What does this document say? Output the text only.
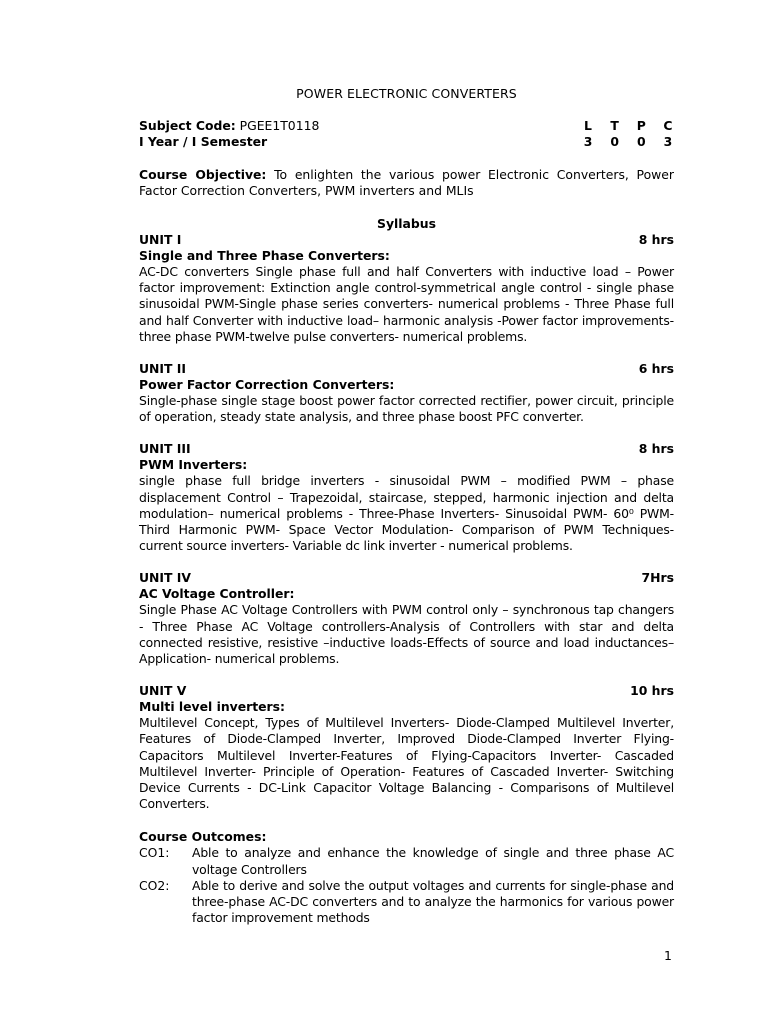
POWER ELECTRONIC CONVERTERS
Subject Code: PGEE1T0118	L T P C
I Year / I Semester	3 0 0 3
Course Objective: To enlighten the various power Electronic Converters, Power Factor Correction Converters, PWM inverters and MLIs
Syllabus
UNIT I	8 hrs
Single and Three Phase Converters:
AC-DC converters Single phase full and half Converters with inductive load – Power factor improvement: Extinction angle control-symmetrical angle control - single phase sinusoidal PWM-Single phase series converters- numerical problems - Three Phase full and half Converter with inductive load– harmonic analysis -Power factor improvements- three phase PWM-twelve pulse converters- numerical problems.
UNIT II	6 hrs
Power Factor Correction Converters:
Single-phase single stage boost power factor corrected rectifier, power circuit, principle of operation, steady state analysis, and three phase boost PFC converter.
UNIT III	8 hrs
PWM Inverters:
single phase full bridge inverters - sinusoidal PWM – modified PWM – phase displacement Control – Trapezoidal, staircase, stepped, harmonic injection and delta modulation– numerical problems - Three-Phase Inverters- Sinusoidal PWM- 60⁰ PWM- Third Harmonic PWM- Space Vector Modulation- Comparison of PWM Techniques- current source inverters- Variable dc link inverter - numerical problems.
UNIT IV	7Hrs
AC Voltage Controller:
Single Phase AC Voltage Controllers with PWM control only – synchronous tap changers - Three Phase AC Voltage controllers-Analysis of Controllers with star and delta connected resistive, resistive –inductive loads-Effects of source and load inductances–Application- numerical problems.
UNIT V	10 hrs
Multi level inverters:
Multilevel Concept, Types of Multilevel Inverters- Diode-Clamped Multilevel Inverter, Features of Diode-Clamped Inverter, Improved Diode-Clamped Inverter Flying-Capacitors Multilevel Inverter-Features of Flying-Capacitors Inverter- Cascaded Multilevel Inverter- Principle of Operation- Features of Cascaded Inverter- Switching Device Currents - DC-Link Capacitor Voltage Balancing - Comparisons of Multilevel Converters.
Course Outcomes:
CO1:	Able to analyze and enhance the knowledge of single and three phase AC voltage Controllers
CO2:	Able to derive and solve the output voltages and currents for single-phase and three-phase AC-DC converters and to analyze the harmonics for various power factor improvement methods
1
